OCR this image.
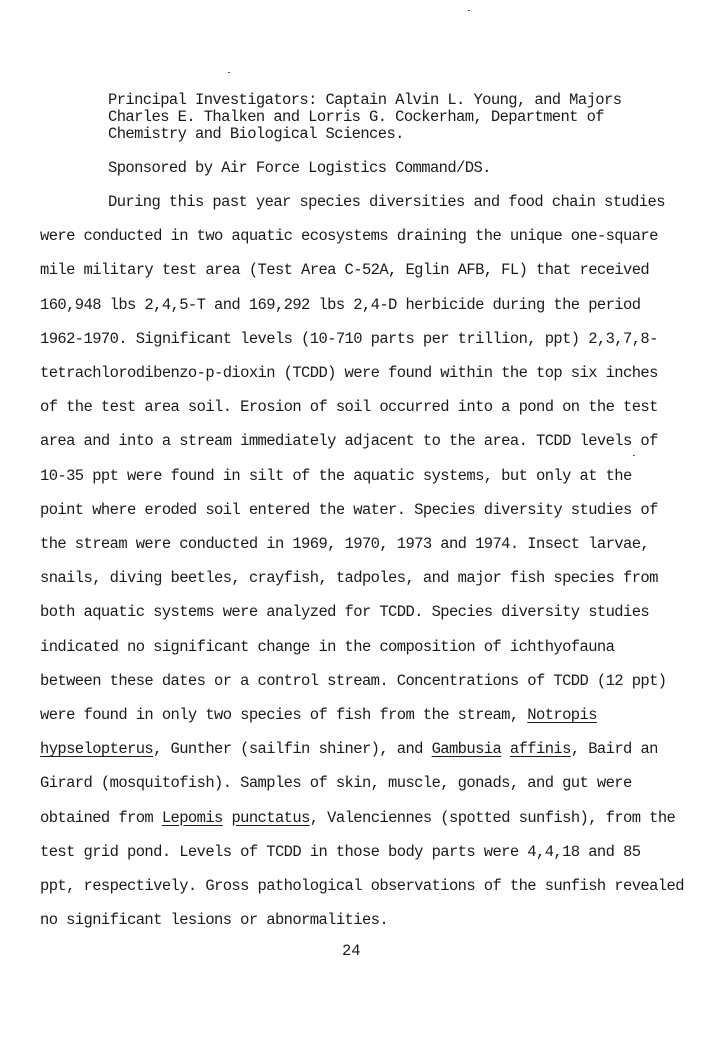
Principal Investigators: Captain Alvin L. Young, and Majors
Charles E. Thalken and Lorris G. Cockerham, Department of
Chemistry and Biological Sciences.
Sponsored by Air Force Logistics Command/DS.
During this past year species diversities and food chain studies
were conducted in two aquatic ecosystems draining the unique one-square
mile military test area (Test Area C-52A, Eglin AFB, FL) that received
160,948 lbs 2,4,5-T and 169,292 lbs 2,4-D herbicide during the period
1962-1970. Significant levels (10-710 parts per trillion, ppt) 2,3,7,8-
tetrachlorodibenzo-p-dioxin (TCDD) were found within the top six inches
of the test area soil. Erosion of soil occurred into a pond on the test
area and into a stream immediately adjacent to the area. TCDD levels of
10-35 ppt were found in silt of the aquatic systems, but only at the
point where eroded soil entered the water. Species diversity studies of
the stream were conducted in 1969, 1970, 1973 and 1974. Insect larvae,
snails, diving beetles, crayfish, tadpoles, and major fish species from
both aquatic systems were analyzed for TCDD. Species diversity studies
indicated no significant change in the composition of ichthyofauna
between these dates or a control stream. Concentrations of TCDD (12 ppt)
were found in only two species of fish from the stream, Notropis
hypselopterus, Gunther (sailfin shiner), and Gambusia affinis, Baird an
Girard (mosquitofish). Samples of skin, muscle, gonads, and gut were
obtained from Lepomis punctatus, Valenciennes (spotted sunfish), from the
test grid pond. Levels of TCDD in those body parts were 4,4,18 and 85
ppt, respectively. Gross pathological observations of the sunfish revealed
no significant lesions or abnormalities.
24
